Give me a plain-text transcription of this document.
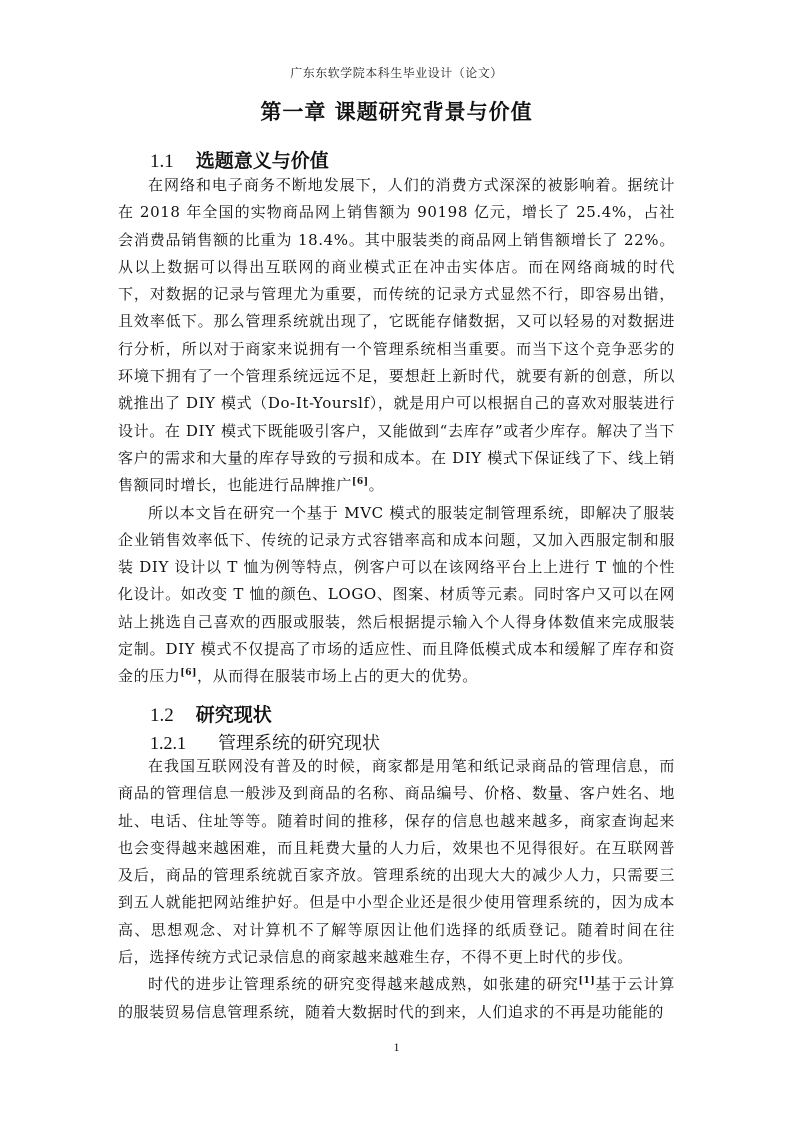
广东东软学院本科生毕业设计（论文）
第一章 课题研究背景与价值
1.1 选题意义与价值

在网络和电子商务不断地发展下，人们的消费方式深深的被影响着。据统计在 2018 年全国的实物商品网上销售额为 90198 亿元，增长了 25.4%，占社会消费品销售额的比重为 18.4%。其中服装类的商品网上销售额增长了 22%。从以上数据可以得出互联网的商业模式正在冲击实体店。而在网络商城的时代下，对数据的记录与管理尤为重要，而传统的记录方式显然不行，即容易出错，且效率低下。那么管理系统就出现了，它既能存储数据，又可以轻易的对数据进行分析，所以对于商家来说拥有一个管理系统相当重要。而当下这个竞争恶劣的环境下拥有了一个管理系统远远不足，要想赶上新时代，就要有新的创意，所以就推出了 DIY 模式（Do-It-Yourslf），就是用户可以根据自己的喜欢对服装进行设计。在 DIY 模式下既能吸引客户，又能做到“去库存”或者少库存。解决了当下客户的需求和大量的库存导致的亏损和成本。在 DIY 模式下保证线了下、线上销售额同时增长，也能进行品牌推广[6]。

所以本文旨在研究一个基于 MVC 模式的服装定制管理系统，即解决了服装企业销售效率低下、传统的记录方式容错率高和成本问题，又加入西服定制和服装 DIY 设计以 T 恤为例等特点，例客户可以在该网络平台上上进行 T 恤的个性化设计。如改变 T 恤的颜色、LOGO、图案、材质等元素。同时客户又可以在网站上挑选自己喜欢的西服或服装，然后根据提示输入个人得身体数值来完成服装定制。DIY 模式不仅提高了市场的适应性、而且降低模式成本和缓解了库存和资金的压力[6]，从而得在服装市场上占的更大的优势。

1.2 研究现状
1.2.1 管理系统的研究现状

在我国互联网没有普及的时候，商家都是用笔和纸记录商品的管理信息，而商品的管理信息一般涉及到商品的名称、商品编号、价格、数量、客户姓名、地址、电话、住址等等。随着时间的推移，保存的信息也越来越多，商家查询起来也会变得越来越困难，而且耗费大量的人力后，效果也不见得很好。在互联网普及后，商品的管理系统就百家齐放。管理系统的出现大大的减少人力，只需要三到五人就能把网站维护好。但是中小型企业还是很少使用管理系统的，因为成本高、思想观念、对计算机不了解等原因让他们选择的纸质登记。随着时间在往后，选择传统方式记录信息的商家越来越难生存，不得不更上时代的步伐。

时代的进步让管理系统的研究变得越来越成熟，如张建的研究[1]基于云计算的服装贸易信息管理系统，随着大数据时代的到来，人们追求的不再是功能能的

1
